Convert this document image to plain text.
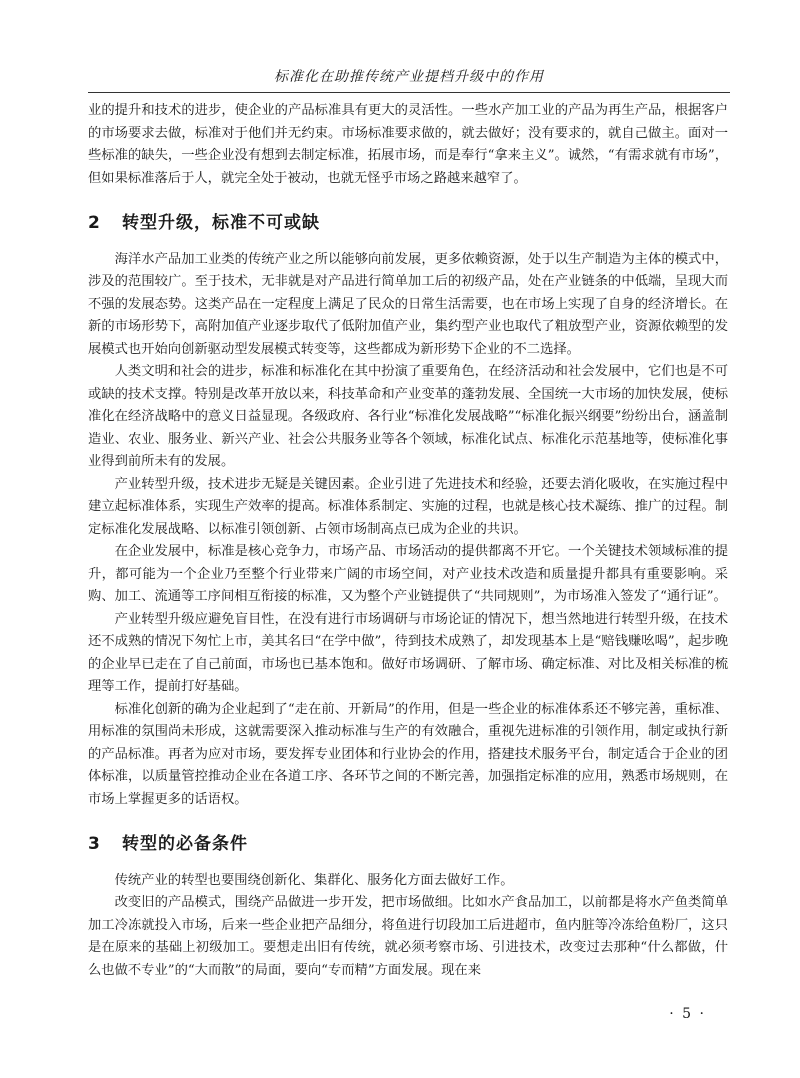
标准化在助推传统产业提档升级中的作用

业的提升和技术的进步，使企业的产品标准具有更大的灵活性。一些水产加工业的产品为再生产品，根据客户的市场要求去做，标准对于他们并无约束。市场标准要求做的，就去做好；没有要求的，就自己做主。面对一些标准的缺失，一些企业没有想到去制定标准，拓展市场，而是奉行“拿来主义”。诚然，“有需求就有市场”，但如果标准落后于人，就完全处于被动，也就无怪乎市场之路越来越窄了。

2	转型升级，标准不可或缺

海洋水产品加工业类的传统产业之所以能够向前发展，更多依赖资源，处于以生产制造为主体的模式中，涉及的范围较广。至于技术，无非就是对产品进行简单加工后的初级产品，处在产业链条的中低端，呈现大而不强的发展态势。这类产品在一定程度上满足了民众的日常生活需要，也在市场上实现了自身的经济增长。在新的市场形势下，高附加值产业逐步取代了低附加值产业，集约型产业也取代了粗放型产业，资源依赖型的发展模式也开始向创新驱动型发展模式转变等，这些都成为新形势下企业的不二选择。

人类文明和社会的进步，标准和标准化在其中扮演了重要角色，在经济活动和社会发展中，它们也是不可或缺的技术支撑。特别是改革开放以来，科技革命和产业变革的蓬勃发展、全国统一大市场的加快发展，使标准化在经济战略中的意义日益显现。各级政府、各行业“标准化发展战略”“标准化振兴纲要”纷纷出台，涵盖制造业、农业、服务业、新兴产业、社会公共服务业等各个领域，标准化试点、标准化示范基地等，使标准化事业得到前所未有的发展。

产业转型升级，技术进步无疑是关键因素。企业引进了先进技术和经验，还要去消化吸收，在实施过程中建立起标准体系，实现生产效率的提高。标准体系制定、实施的过程，也就是核心技术凝练、推广的过程。制定标准化发展战略、以标准引领创新、占领市场制高点已成为企业的共识。

在企业发展中，标准是核心竞争力，市场产品、市场活动的提供都离不开它。一个关键技术领域标准的提升，都可能为一个企业乃至整个行业带来广阔的市场空间，对产业技术改造和质量提升都具有重要影响。采购、加工、流通等工序间相互衔接的标准，又为整个产业链提供了“共同规则”，为市场准入签发了“通行证”。

产业转型升级应避免盲目性，在没有进行市场调研与市场论证的情况下，想当然地进行转型升级，在技术还不成熟的情况下匆忙上市，美其名曰“在学中做”，待到技术成熟了，却发现基本上是“赔钱赚吆喝”，起步晚的企业早已走在了自己前面，市场也已基本饱和。做好市场调研、了解市场、确定标准、对比及相关标准的梳理等工作，提前打好基础。

标准化创新的确为企业起到了“走在前、开新局”的作用，但是一些企业的标准体系还不够完善，重标准、用标准的氛围尚未形成，这就需要深入推动标准与生产的有效融合，重视先进标准的引领作用，制定或执行新的产品标准。再者为应对市场，要发挥专业团体和行业协会的作用，搭建技术服务平台，制定适合于企业的团体标准，以质量管控推动企业在各道工序、各环节之间的不断完善，加强指定标准的应用，熟悉市场规则，在市场上掌握更多的话语权。

3	转型的必备条件

传统产业的转型也要围绕创新化、集群化、服务化方面去做好工作。

改变旧的产品模式，围绕产品做进一步开发，把市场做细。比如水产食品加工，以前都是将水产鱼类简单加工冷冻就投入市场，后来一些企业把产品细分，将鱼进行切段加工后进超市，鱼内脏等冷冻给鱼粉厂，这只是在原来的基础上初级加工。要想走出旧有传统，就必须考察市场、引进技术，改变过去那种“什么都做，什么也做不专业”的“大而散”的局面，要向“专而精”方面发展。现在来

· 5 ·
